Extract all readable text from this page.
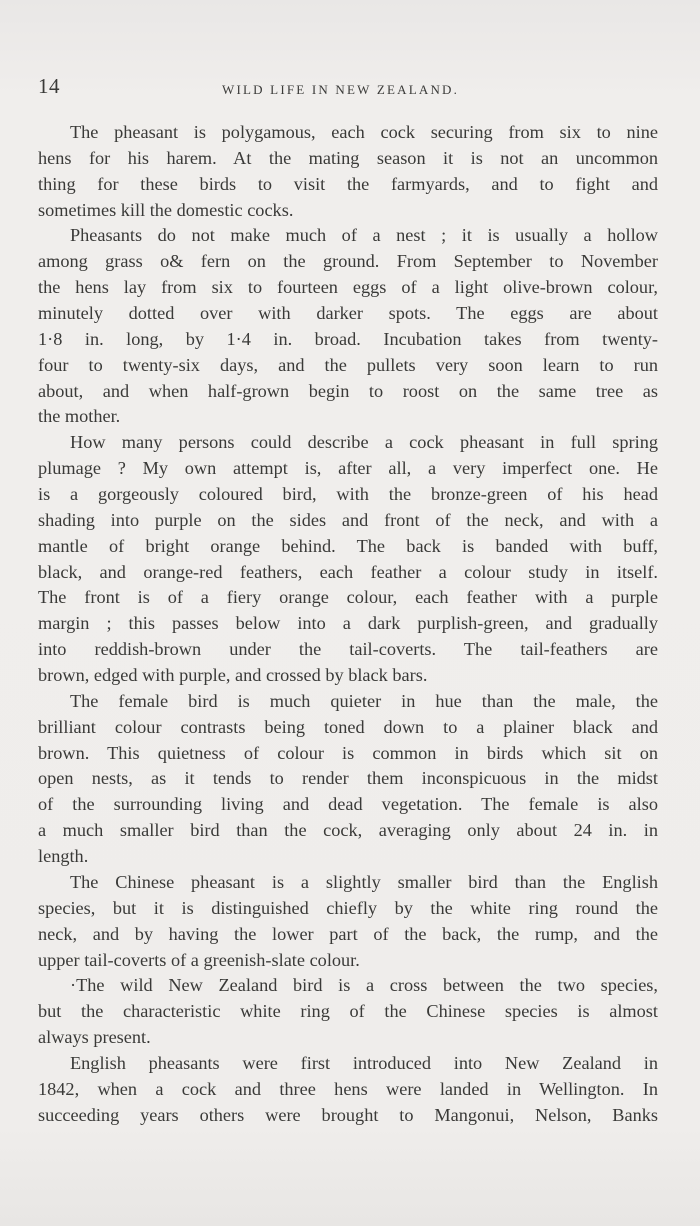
14	WILD LIFE IN NEW ZEALAND.
The pheasant is polygamous, each cock securing from six to nine
hens for his harem. At the mating season it is not an uncommon
thing for these birds to visit the farmyards, and to fight and
sometimes kill the domestic cocks.
Pheasants do not make much of a nest ; it is usually a hollow
among grass o& fern on the ground. From September to November
the hens lay from six to fourteen eggs of a light olive-brown colour,
minutely dotted over with darker spots. The eggs are about
1·8 in. long, by 1·4 in. broad. Incubation takes from twenty-
four to twenty-six days, and the pullets very soon learn to run
about, and when half-grown begin to roost on the same tree as
the mother.
How many persons could describe a cock pheasant in full spring
plumage ? My own attempt is, after all, a very imperfect one. He
is a gorgeously coloured bird, with the bronze-green of his head
shading into purple on the sides and front of the neck, and with a
mantle of bright orange behind. The back is banded with buff,
black, and orange-red feathers, each feather a colour study in itself.
The front is of a fiery orange colour, each feather with a purple
margin ; this passes below into a dark purplish-green, and gradually
into reddish-brown under the tail-coverts. The tail-feathers are
brown, edged with purple, and crossed by black bars.
The female bird is much quieter in hue than the male, the
brilliant colour contrasts being toned down to a plainer black and
brown. This quietness of colour is common in birds which sit on
open nests, as it tends to render them inconspicuous in the midst
of the surrounding living and dead vegetation. The female is also
a much smaller bird than the cock, averaging only about 24 in. in
length.
The Chinese pheasant is a slightly smaller bird than the English
species, but it is distinguished chiefly by the white ring round the
neck, and by having the lower part of the back, the rump, and the
upper tail-coverts of a greenish-slate colour.
·The wild New Zealand bird is a cross between the two species,
but the characteristic white ring of the Chinese species is almost
always present.
English pheasants were first introduced into New Zealand in
1842, when a cock and three hens were landed in Wellington. In
succeeding years others were brought to Mangonui, Nelson, Banks
